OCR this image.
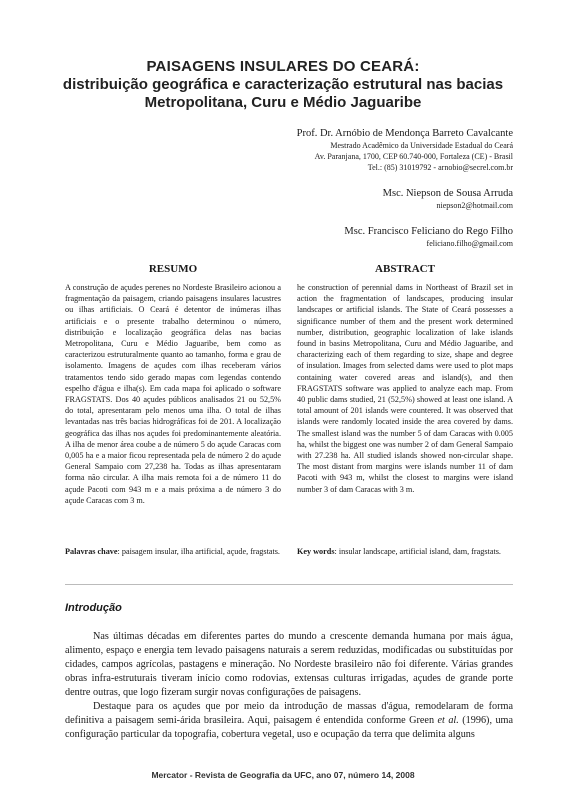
PAISAGENS INSULARES DO CEARÁ:
distribuição geográfica e caracterização estrutural nas bacias
Metropolitana, Curu e Médio Jaguaribe
Prof. Dr. Arnóbio de Mendonça Barreto Cavalcante
Mestrado Acadêmico da Universidade Estadual do Ceará
Av. Paranjana, 1700, CEP 60.740-000, Fortaleza (CE) - Brasil
Tel.: (85) 31019792 - arnobio@secrel.com.br
Msc. Niepson de Sousa Arruda
niepson2@hotmail.com
Msc. Francisco Feliciano do Rego Filho
feliciano.filho@gmail.com
RESUMO
A construção de açudes perenes no Nordeste Brasileiro acionou a fragmentação da paisagem, criando paisagens insulares lacustres ou ilhas artificiais. O Ceará é detentor de inúmeras ilhas artificiais e o presente trabalho determinou o número, distribuição e localização geográfica delas nas bacias Metropolitana, Curu e Médio Jaguaribe, bem como as caracterizou estruturalmente quanto ao tamanho, forma e grau de isolamento. Imagens de açudes com ilhas receberam vários tratamentos tendo sido gerado mapas com legendas contendo espelho d'água e ilha(s). Em cada mapa foi aplicado o software FRAGSTATS. Dos 40 açudes públicos analisados 21 ou 52,5% do total, apresentaram pelo menos uma ilha. O total de ilhas levantadas nas três bacias hidrográficas foi de 201. A localização geográfica das ilhas nos açudes foi predominantemente aleatória. A ilha de menor área coube a de número 5 do açude Caracas com 0,005 ha e a maior ficou representada pela de número 2 do açude General Sampaio com 27,238 ha. Todas as ilhas apresentaram forma não circular. A ilha mais remota foi a de número 11 do açude Pacoti com 943 m e a mais próxima a de número 3 do açude Caracas com 3 m.
Palavras chave: paisagem insular, ilha artificial, açude, fragstats.
ABSTRACT
he construction of perennial dams in Northeast of Brazil set in action the fragmentation of landscapes, producing insular landscapes or artificial islands. The State of Ceará possesses a significance number of them and the present work determined number, distribution, geographic localization of lake islands found in basins Metropolitana, Curu and Médio Jaguaribe, and characterizing each of them regarding to size, shape and degree of insulation. Images from selected dams were used to plot maps containing water covered areas and island(s), and then FRAGSTATS software was applied to analyze each map. From 40 public dams studied, 21 (52,5%) showed at least one island. A total amount of 201 islands were countered. It was observed that islands were randomly located inside the area covered by dams. The smallest island was the number 5 of dam Caracas with 0.005 ha, whilst the biggest one was number 2 of dam General Sampaio with 27.238 ha. All studied islands showed non-circular shape. The most distant from margins were islands number 11 of dam Pacoti with 943 m, whilst the closest to margins were island number 3 of dam Caracas with 3 m.
Key words: insular landscape, artificial island, dam, fragstats.
Introdução

Nas últimas décadas em diferentes partes do mundo a crescente demanda humana por mais água, alimento, espaço e energia tem levado paisagens naturais a serem reduzidas, modificadas ou substituídas por cidades, campos agrícolas, pastagens e mineração. No Nordeste brasileiro não foi diferente. Várias grandes obras infra-estruturais tiveram início como rodovias, extensas culturas irrigadas, açudes de grande porte dentre outras, que logo fizeram surgir novas configurações de paisagens.

Destaque para os açudes que por meio da introdução de massas d'água, remodelaram de forma definitiva a paisagem semi-árida brasileira. Aqui, paisagem é entendida conforme Green et al. (1996), uma configuração particular da topografia, cobertura vegetal, uso e ocupação da terra que delimita alguns

Mercator - Revista de Geografia da UFC, ano 07, número 14, 2008
